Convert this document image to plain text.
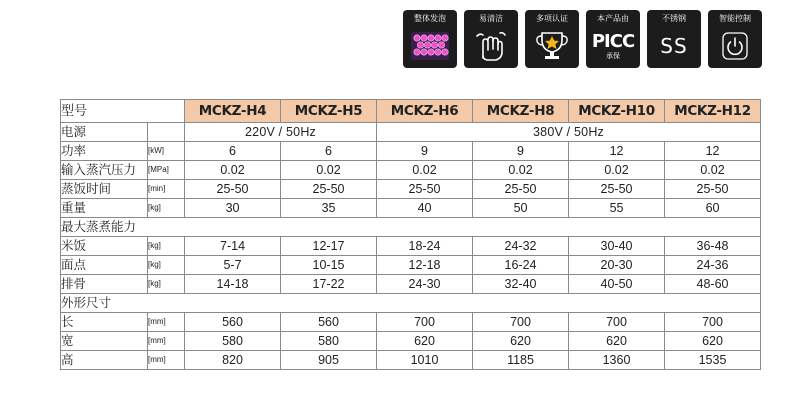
整体发泡	易清洁	多项认证	本产品由
PICC
承保
不锈钢
SS
智能控制
型号		MCKZ-H4	MCKZ-H5	MCKZ-H6	MCKZ-H8	MCKZ-H10	MCKZ-H12
电源		220V / 50Hz		380V / 50Hz			
功率	[kW]	6	6	9	9	12	12
输入蒸汽压力	[MPa]	0.02	0.02	0.02	0.02	0.02	0.02
蒸饭时间	[min]	25-50	25-50	25-50	25-50	25-50	25-50
重量	[kg]	30	35	40	50	55	60
最大蒸煮能力							
米饭	[kg]	7-14	12-17	18-24	24-32	30-40	36-48
面点	[kg]	5-7	10-15	12-18	16-24	20-30	24-36
排骨	[kg]	14-18	17-22	24-30	32-40	40-50	48-60
外形尺寸							
长	[mm]	560	560	700	700	700	700
宽	[mm]	580	580	620	620	620	620
高	[mm]	820	905	1010	1185	1360	1535
